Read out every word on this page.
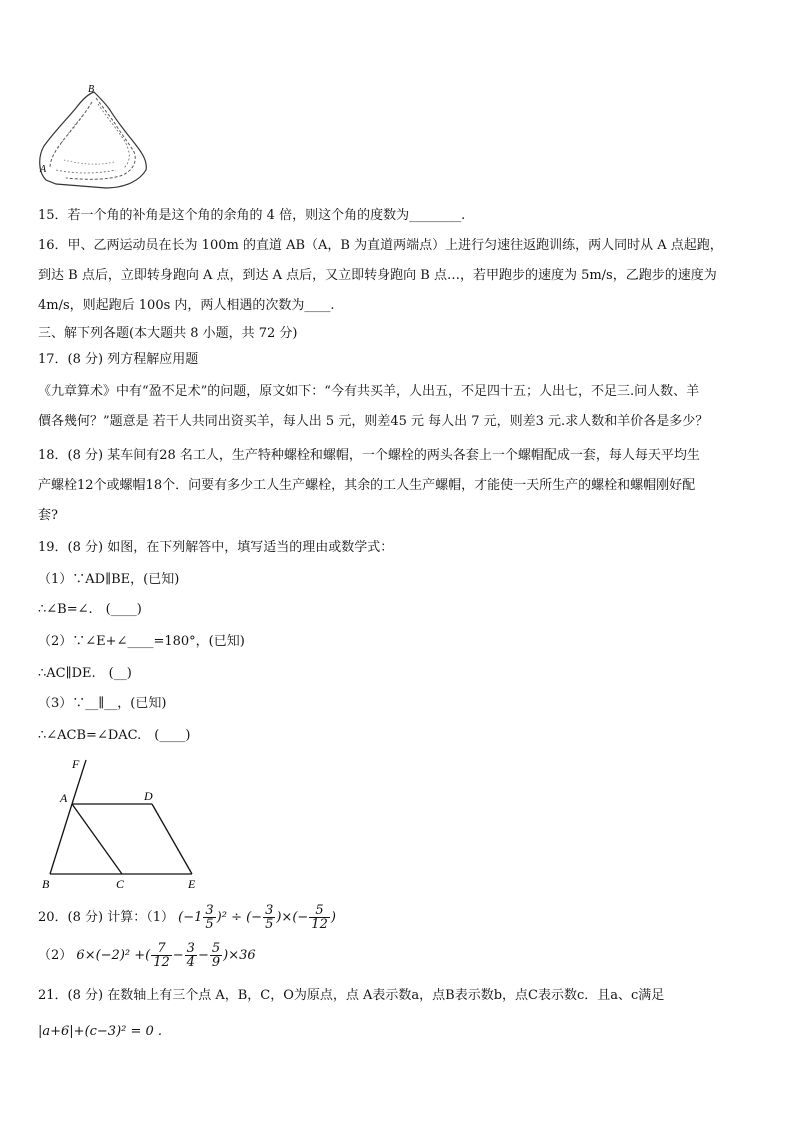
B
A
15．若一个角的补角是这个角的余角的 4 倍，则这个角的度数为________.
16．甲、乙两运动员在长为 100m 的直道 AB（A，B 为直道两端点）上进行匀速往返跑训练，两人同时从 A 点起跑，
到达 B 点后，立即转身跑向 A 点，到达 A 点后，又立即转身跑向 B 点…，若甲跑步的速度为 5m/s，乙跑步的速度为
4m/s，则起跑后 100s 内，两人相遇的次数为____.
三、解下列各题(本大题共 8 小题，共 72 分)
17．(8 分) 列方程解应用题
《九章算术》中有“盈不足术”的问题，原文如下：“今有共买羊，人出五，不足四十五；人出七，不足三.问人数、羊
價各幾何？”题意是 若干人共同出资买羊，每人出 5 元，则差45 元 每人出 7 元，则差3 元.求人数和羊价各是多少？
18．(8 分) 某车间有28 名工人，生产特种螺栓和螺帽，一个螺栓的两头各套上一个螺帽配成一套，每人每天平均生
产螺栓12个或螺帽18个．问要有多少工人生产螺栓，其余的工人生产螺帽，才能使一天所生产的螺栓和螺帽刚好配
套?
19．(8 分) 如图，在下列解答中，填写适当的理由或数学式：
（1）∵AD∥BE，(已知)
∴∠B=∠.　(____)
（2）∵∠E+∠____=180°，(已知)
∴AC∥DE.　(__)
（3）∵__∥__，(已知)
∴∠ACB=∠DAC.　(____)
F
A	D
B	C	E
20．(8 分) 计算：（1） $(-1 \frac{3}{5} )^2$ ÷ (− $\frac{3}{5}$ )×(− $\frac{5}{12}$ )
（2） 6×(−2)² +( $\frac{7}{12} - \frac{3}{4} - \frac{5}{9} )\times 36$
21．(8 分) 在数轴上有三个点 A，B，C，O为原点，点 A表示数a，点B表示数b，点C表示数c．且a、c满足
|a+6|+(c−3)² = 0 .
